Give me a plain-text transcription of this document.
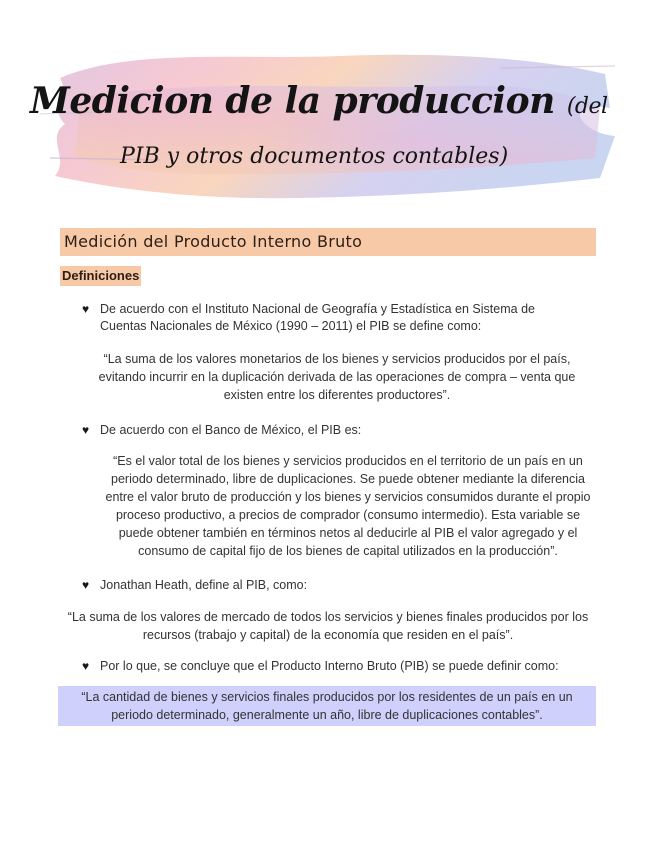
Medicion de la produccion (del
PIB y otros documentos contables)
Medición del Producto Interno Bruto
Definiciones
♥ De acuerdo con el Instituto Nacional de Geografía y Estadística en Sistema de Cuentas Nacionales de México (1990 – 2011) el PIB se define como:
“La suma de los valores monetarios de los bienes y servicios producidos por el país, evitando incurrir en la duplicación derivada de las operaciones de compra – venta que existen entre los diferentes productores”.
♥ De acuerdo con el Banco de México, el PIB es:
“Es el valor total de los bienes y servicios producidos en el territorio de un país en un periodo determinado, libre de duplicaciones. Se puede obtener mediante la diferencia entre el valor bruto de producción y los bienes y servicios consumidos durante el propio proceso productivo, a precios de comprador (consumo intermedio). Esta variable se puede obtener también en términos netos al deducirle al PIB el valor agregado y el consumo de capital fijo de los bienes de capital utilizados en la producción”.
♥ Jonathan Heath, define al PIB, como:
“La suma de los valores de mercado de todos los servicios y bienes finales producidos por los recursos (trabajo y capital) de la economía que residen en el país”.
♥ Por lo que, se concluye que el Producto Interno Bruto (PIB) se puede definir como:
“La cantidad de bienes y servicios finales producidos por los residentes de un país en un periodo determinado, generalmente un año, libre de duplicaciones contables”.
